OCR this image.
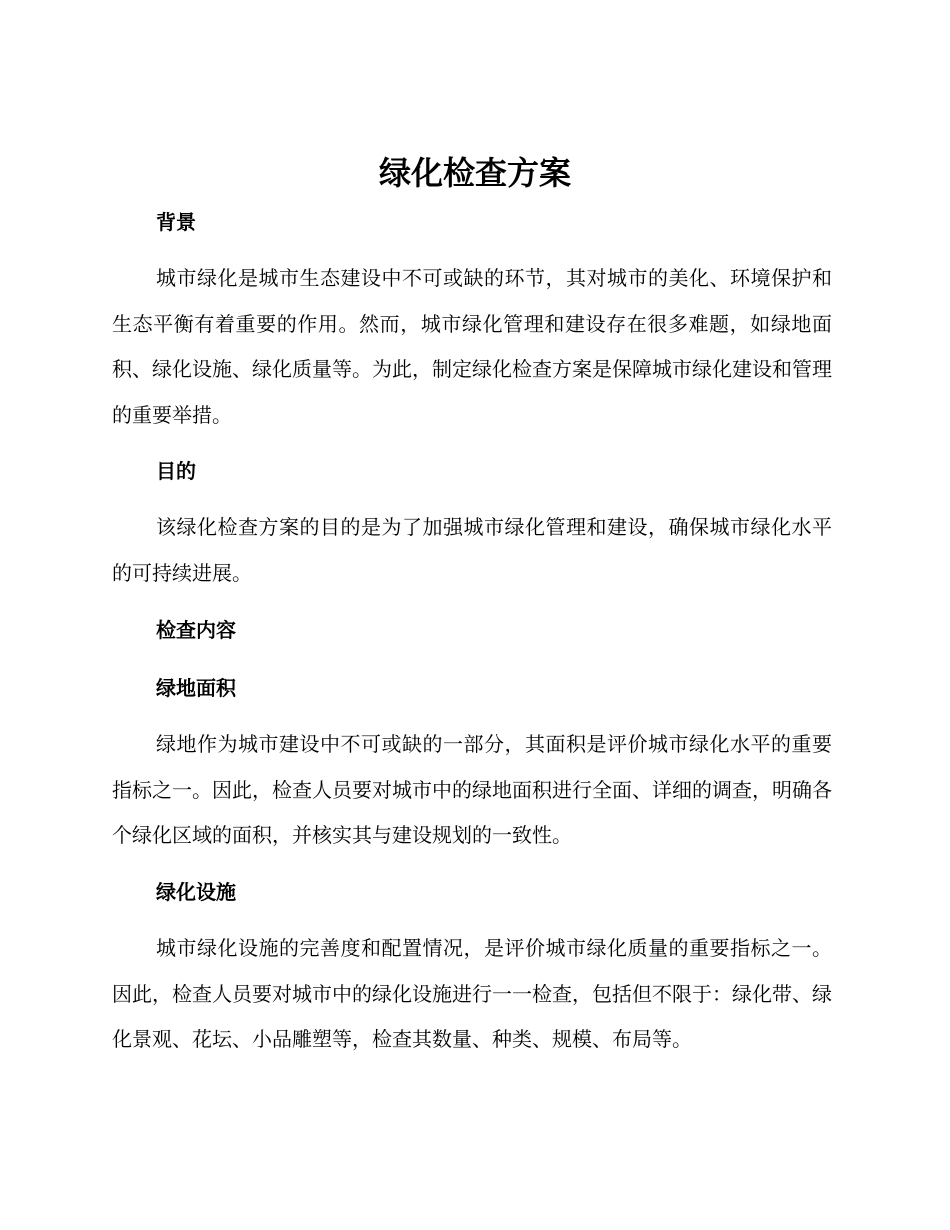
绿化检查方案
背景

城市绿化是城市生态建设中不可或缺的环节，其对城市的美化、环境保护和生态平衡有着重要的作用。然而，城市绿化管理和建设存在很多难题，如绿地面积、绿化设施、绿化质量等。为此，制定绿化检查方案是保障城市绿化建设和管理的重要举措。

目的

该绿化检查方案的目的是为了加强城市绿化管理和建设，确保城市绿化水平的可持续进展。

检查内容
绿地面积

绿地作为城市建设中不可或缺的一部分，其面积是评价城市绿化水平的重要指标之一。因此，检查人员要对城市中的绿地面积进行全面、详细的调查，明确各个绿化区域的面积，并核实其与建设规划的一致性。

绿化设施

城市绿化设施的完善度和配置情况，是评价城市绿化质量的重要指标之一。因此，检查人员要对城市中的绿化设施进行一一检查，包括但不限于：绿化带、绿化景观、花坛、小品雕塑等，检查其数量、种类、规模、布局等。
